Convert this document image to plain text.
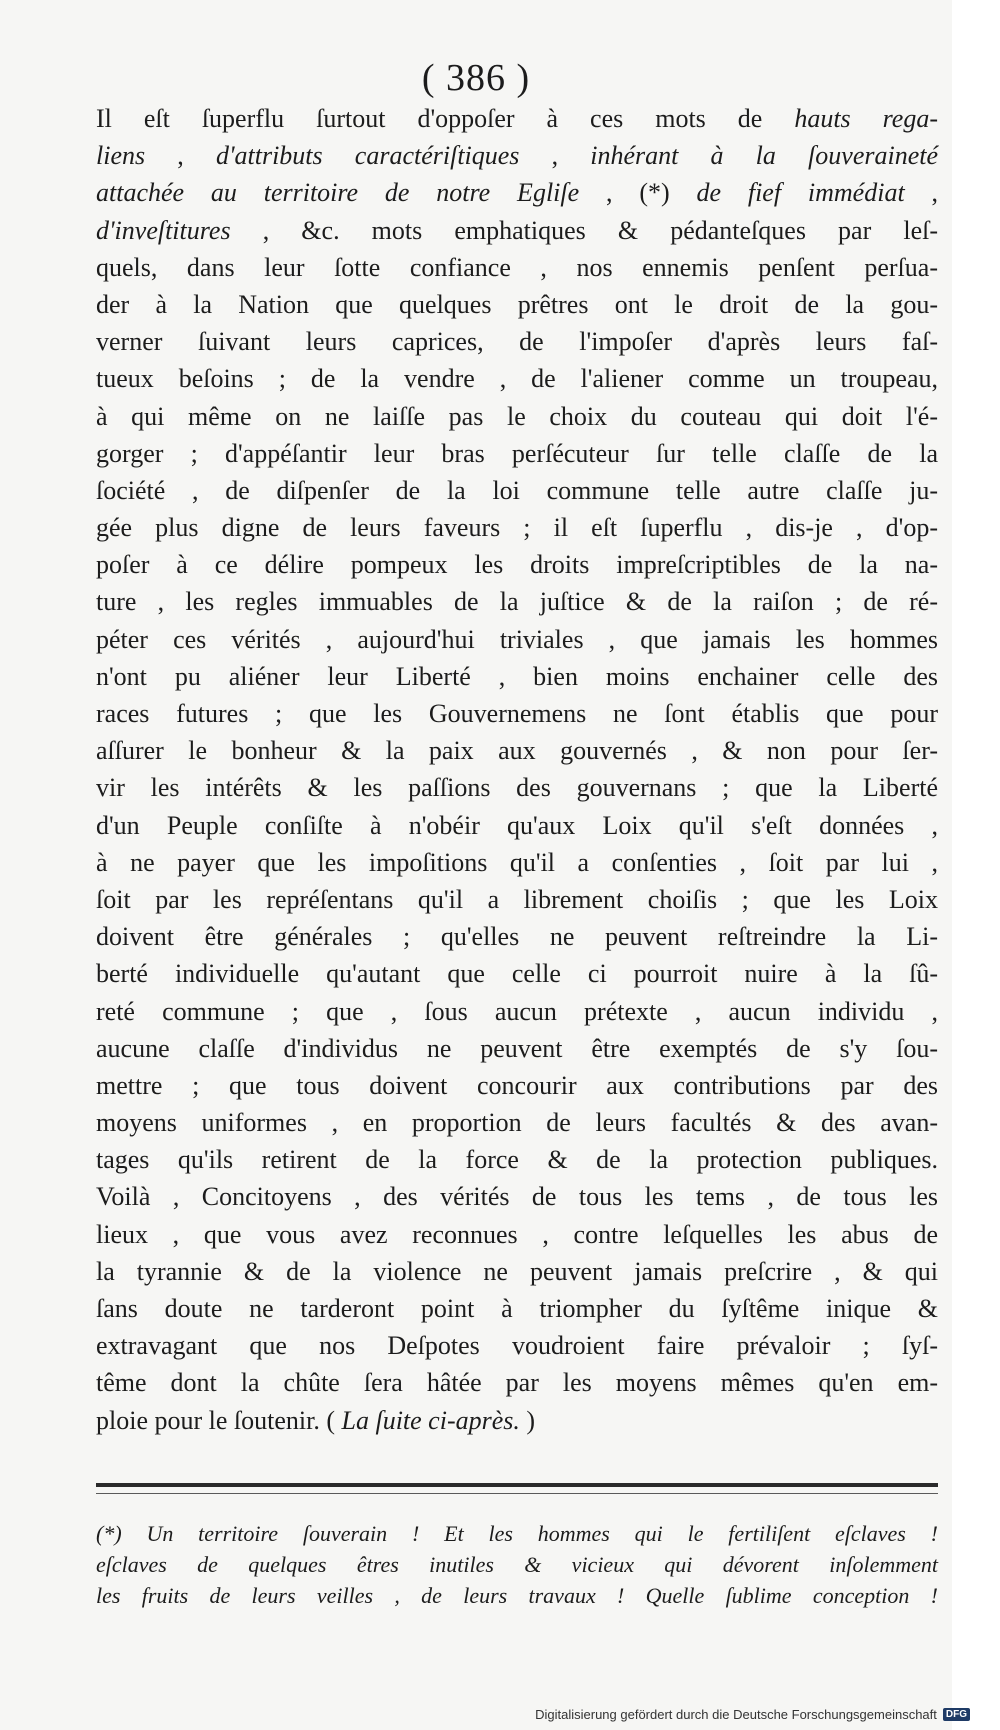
( 386 )
Il eſt ſuperflu ſurtout d'oppoſer à ces mots de hauts rega-
liens , d'attributs caractériſtiques , inhérant à la ſouveraineté
attachée au territoire de notre Egliſe , (*) de fief immédiat ,
d'inveſtitures , &c. mots emphatiques & pédanteſques par leſ-
quels, dans leur ſotte confiance , nos ennemis penſent perſua-
der à la Nation que quelques prêtres ont le droit de la gou-
verner ſuivant leurs caprices, de l'impoſer d'après leurs faſ-
tueux beſoins ; de la vendre , de l'aliener comme un troupeau,
à qui même on ne laiſſe pas le choix du couteau qui doit l'é-
gorger ; d'appéſantir leur bras perſécuteur ſur telle claſſe de la
ſociété , de diſpenſer de la loi commune telle autre claſſe ju-
gée plus digne de leurs faveurs ; il eſt ſuperflu , dis-je , d'op-
poſer à ce délire pompeux les droits impreſcriptibles de la na-
ture , les regles immuables de la juſtice & de la raiſon ; de ré-
péter ces vérités , aujourd'hui triviales , que jamais les hommes
n'ont pu aliéner leur Liberté , bien moins enchainer celle des
races futures ; que les Gouvernemens ne ſont établis que pour
aſſurer le bonheur & la paix aux gouvernés , & non pour ſer-
vir les intérêts & les paſſions des gouvernans ; que la Liberté
d'un Peuple conſiſte à n'obéir qu'aux Loix qu'il s'eſt données ,
à ne payer que les impoſitions qu'il a conſenties , ſoit par lui ,
ſoit par les repréſentans qu'il a librement choiſis ; que les Loix
doivent être générales ; qu'elles ne peuvent reſtreindre la Li-
berté individuelle qu'autant que celle ci pourroit nuire à la ſû-
reté commune ; que , ſous aucun prétexte , aucun individu ,
aucune claſſe d'individus ne peuvent être exemptés de s'y ſou-
mettre ; que tous doivent concourir aux contributions par des
moyens uniformes , en proportion de leurs facultés & des avan-
tages qu'ils retirent de la force & de la protection publiques.
Voilà , Concitoyens , des vérités de tous les tems , de tous les
lieux , que vous avez reconnues , contre leſquelles les abus de
la tyrannie & de la violence ne peuvent jamais preſcrire , & qui
ſans doute ne tarderont point à triompher du ſyſtême inique &
extravagant que nos Deſpotes voudroient faire prévaloir ; ſyſ-
tême dont la chûte ſera hâtée par les moyens mêmes qu'en em-
ploie pour le ſoutenir. ( La ſuite ci-après. )
(*) Un territoire ſouverain ! Et les hommes qui le fertiliſent eſclaves !
eſclaves de quelques êtres inutiles & vicieux qui dévorent inſolemment
les fruits de leurs veilles , de leurs travaux ! Quelle ſublime conception !
Digitalisierung gefördert durch die Deutsche Forschungsgemeinschaft DFG
